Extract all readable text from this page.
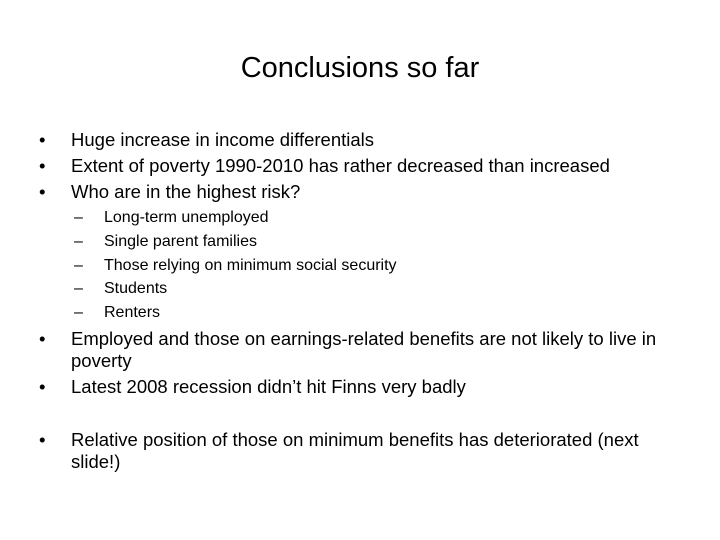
Conclusions so far
•	Huge increase in income differentials
•	Extent of poverty 1990-2010 has rather decreased than increased
•	Who are in the highest risk?
–	Long-term unemployed
–	Single parent families
–	Those relying on minimum social security
–	Students
–	Renters
•	Employed and those on earnings-related benefits are not likely to live in poverty
•	Latest 2008 recession didn’t hit Finns very badly
•	Relative position of those on minimum benefits has deteriorated (next slide!)
